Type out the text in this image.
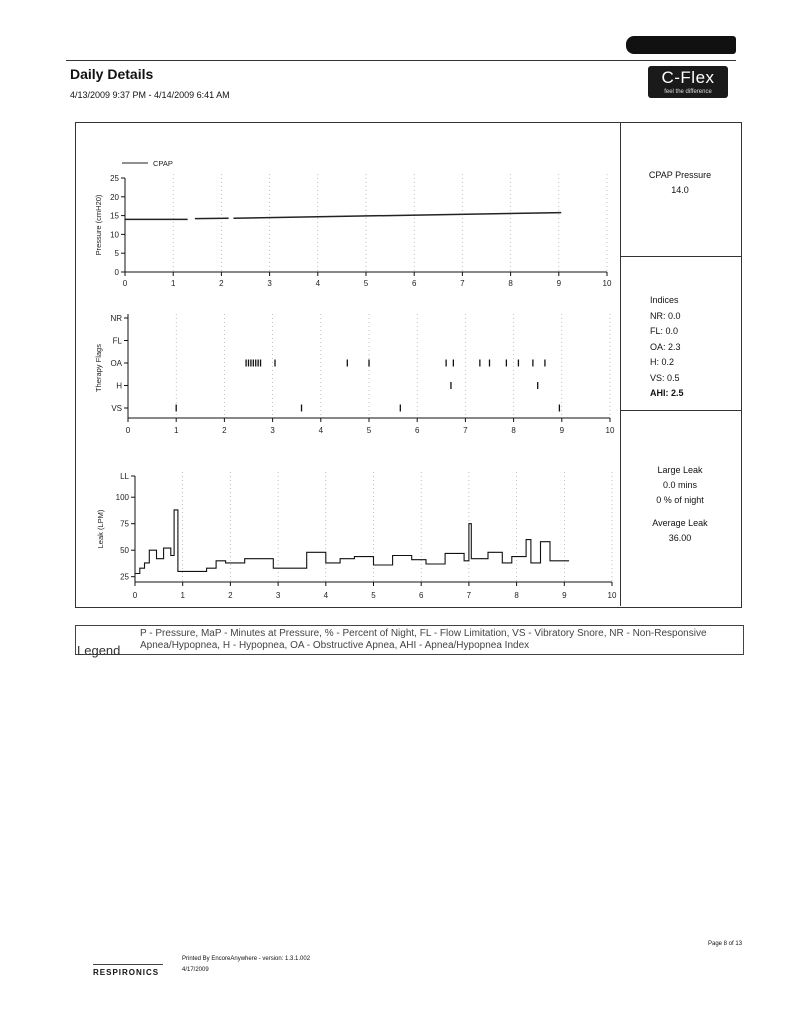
Daily Details
4/13/2009 9:37 PM - 4/14/2009 6:41 AM
C-Flex
feel the difference
CPAP Pressure
14.0
Indices
NR: 0.0
FL: 0.0
OA: 2.3
H: 0.2
VS: 0.5
AHI: 2.5
Large Leak
0.0 mins
0 % of night
Average Leak
36.00
0	1	2	3	4	5	6	7	8	9	10
0
5
10
15
20
25
Pressure (cmH20)
CPAP
0	1	2	3	4	5	6	7	8	9	10
NR
FL
OA
H
VS
Therapy Flags
0	1	2	3	4	5	6	7	8	9	10
25
50
75
100
LL
Leak (LPM)
Legend
P - Pressure, MaP - Minutes at Pressure, % - Percent of Night, FL - Flow Limitation, VS - Vibratory Snore, NR - Non-Responsive Apnea/Hypopnea, H - Hypopnea, OA - Obstructive Apnea, AHI - Apnea/Hypopnea Index
RESPIRONICS
Printed By EncoreAnywhere - version: 1.3.1.002
4/17/2009
Page 8 of 13
